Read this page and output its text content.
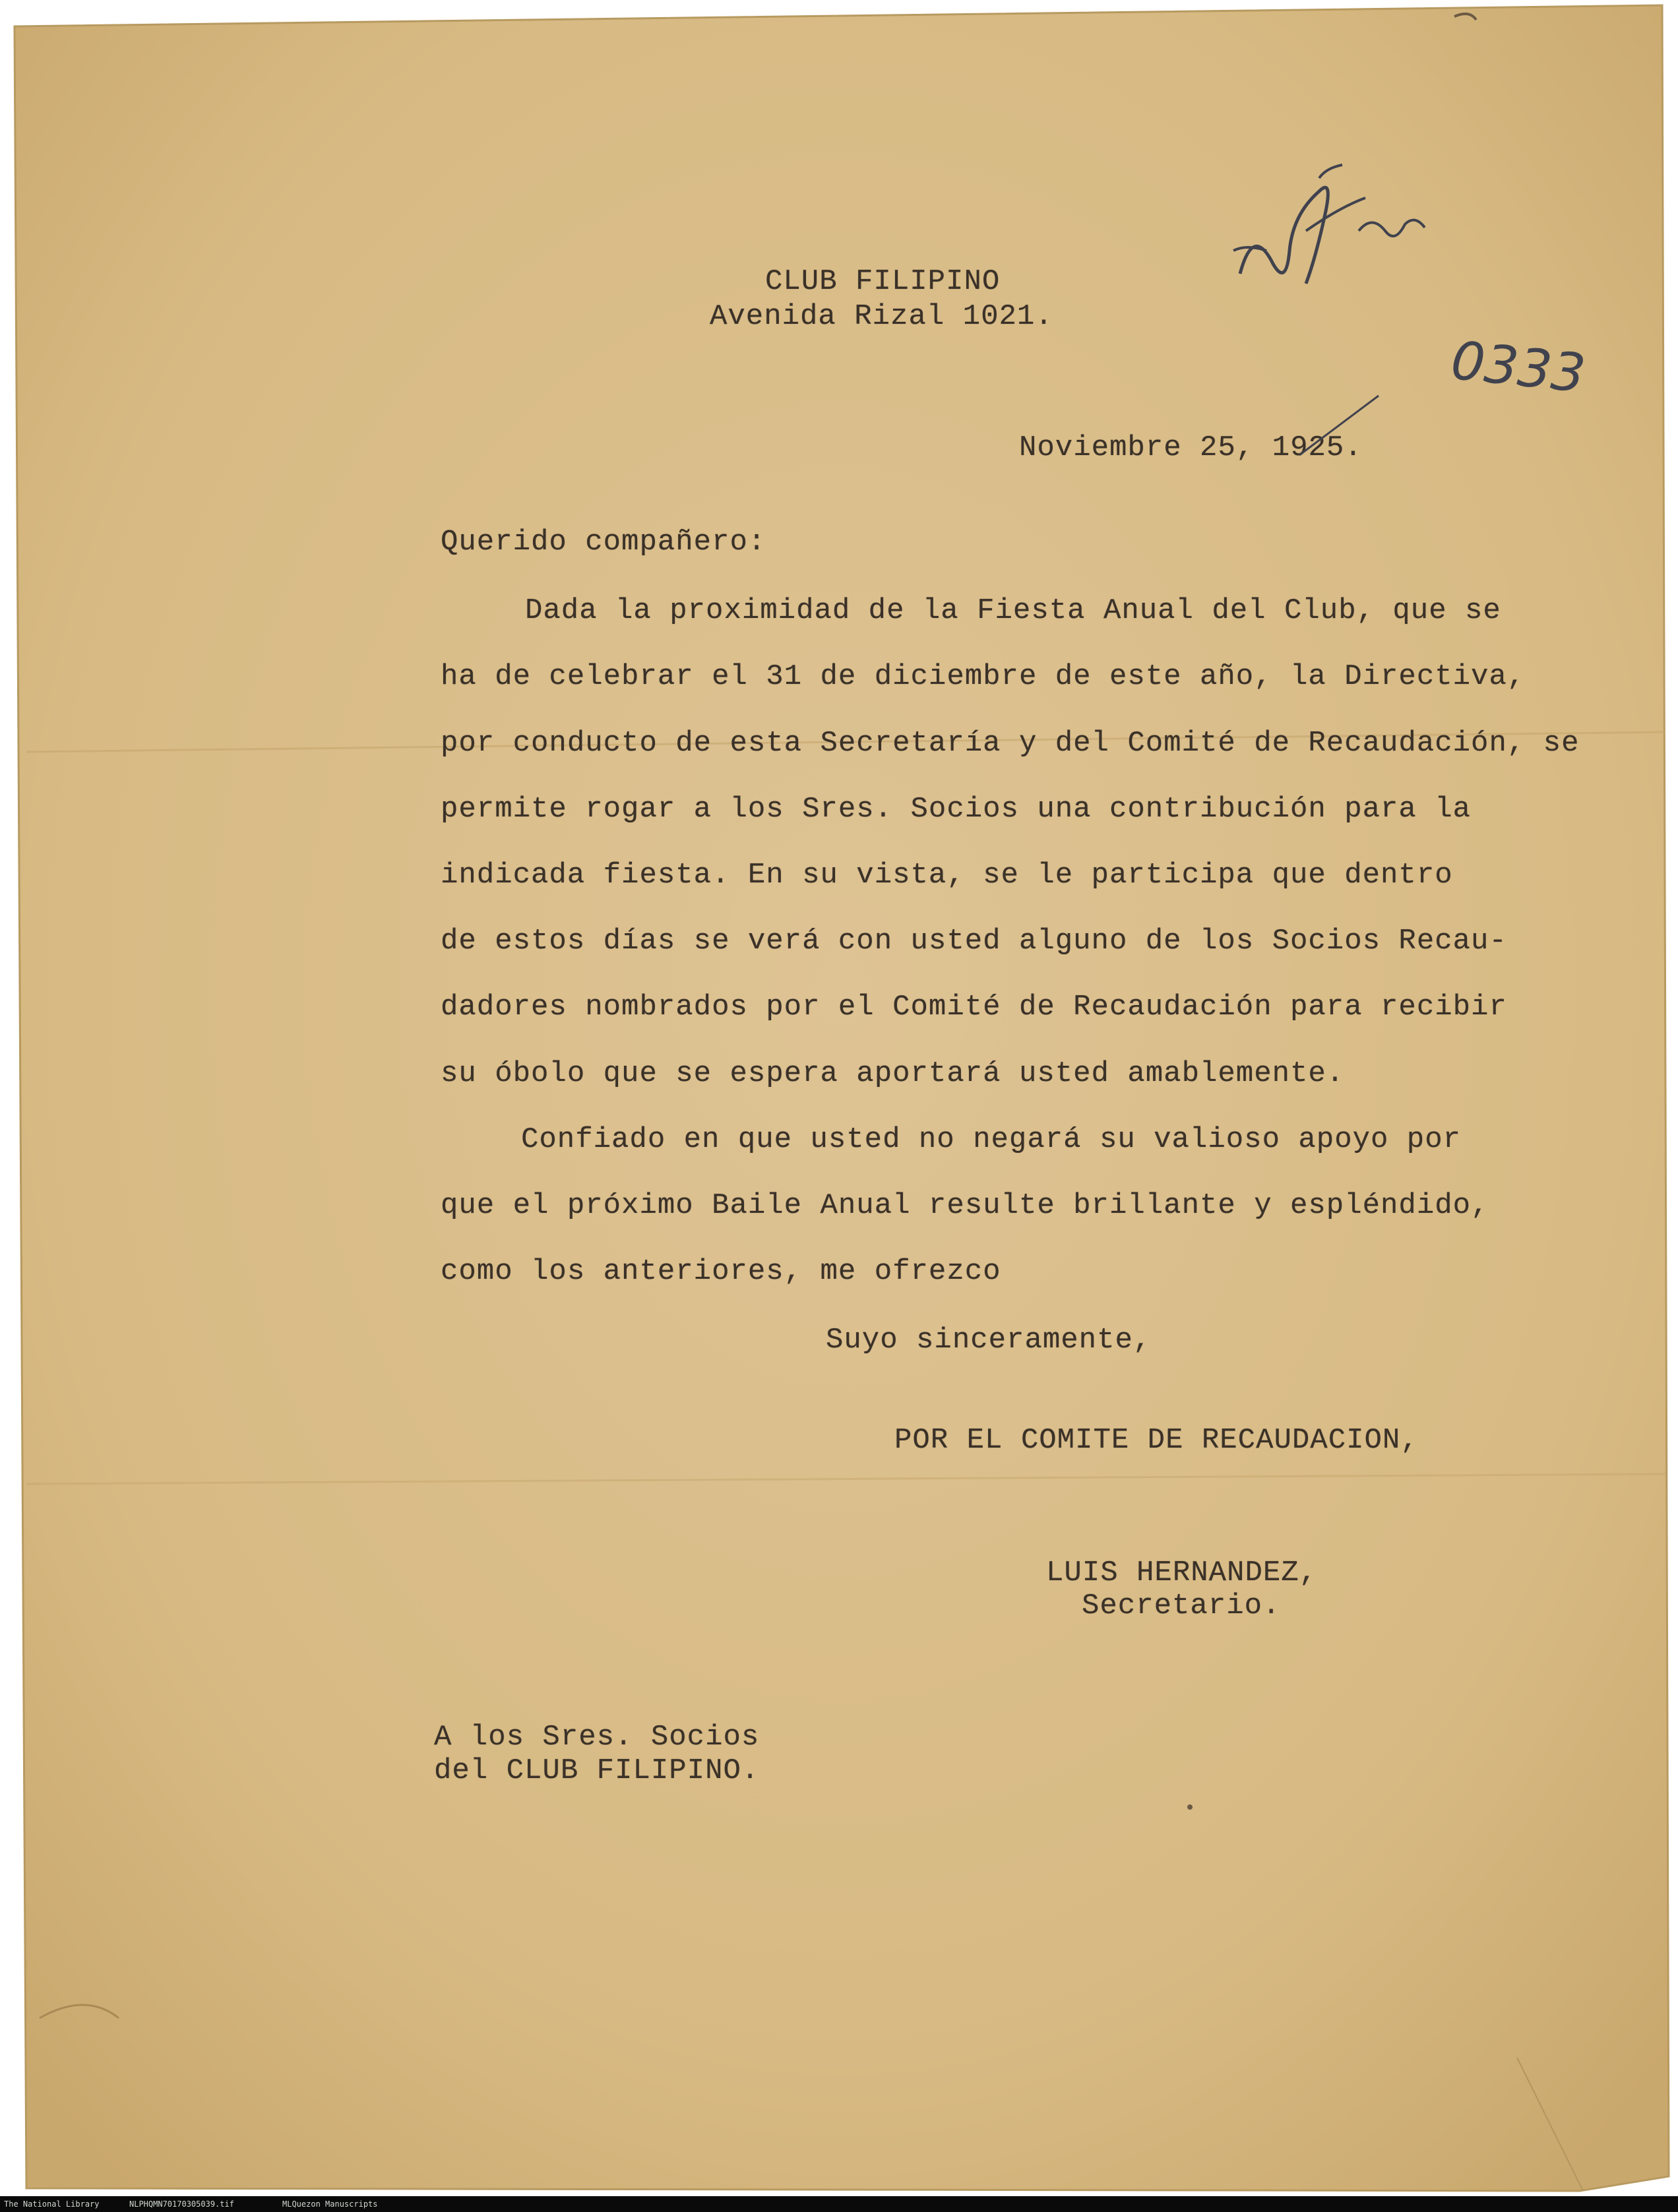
CLUB FILIPINO
Avenida Rizal 1021.
Noviembre 25, 1925.
Querido compañero:
Dada la proximidad de la Fiesta Anual del Club, que se
ha de celebrar el 31 de diciembre de este año, la Directiva,
por conducto de esta Secretaría y del Comité de Recaudación, se
permite rogar a los Sres. Socios una contribución para la
indicada fiesta. En su vista, se le participa que dentro
de estos días se verá con usted alguno de los Socios Recau-
dadores nombrados por el Comité de Recaudación para recibir
su óbolo que se espera aportará usted amablemente.
Confiado en que usted no negará su valioso apoyo por
que el próximo Baile Anual resulte brillante y espléndido,
como los anteriores, me ofrezco
Suyo sinceramente,
POR EL COMITE DE RECAUDACION,
LUIS HERNANDEZ,
Secretario.
A los Sres. Socios
del CLUB FILIPINO.
0333
The National Library	NLPHQMN70170305039.tif	MLQuezon Manuscripts
